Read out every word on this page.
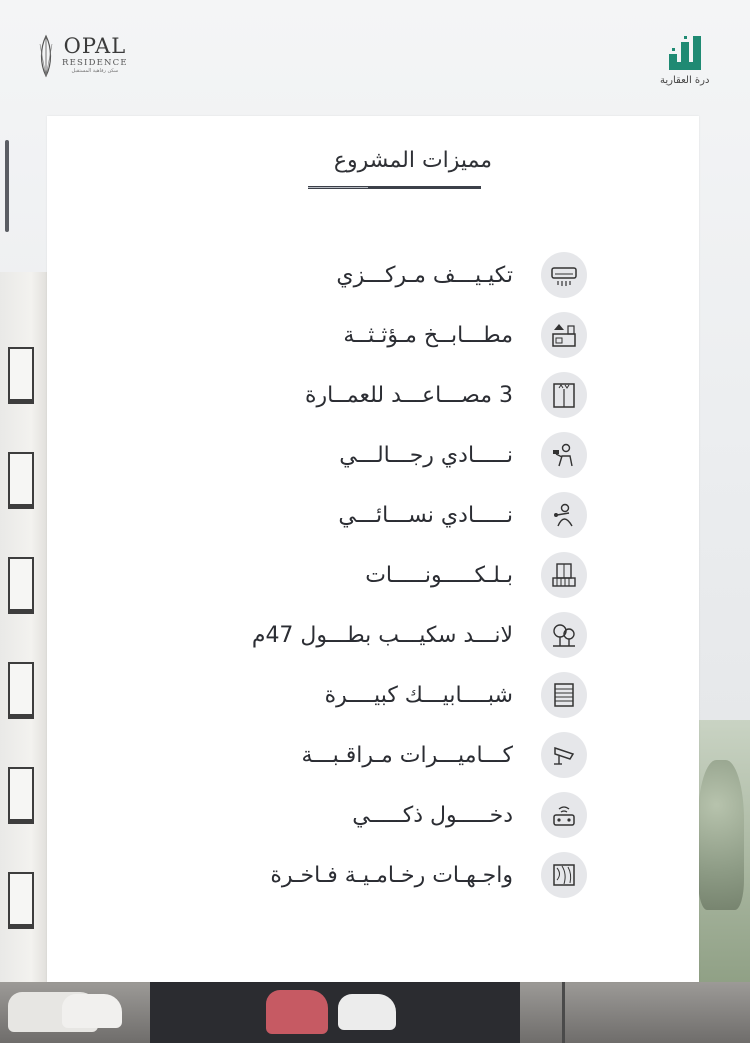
OPAL
RESIDENCE
سكن رفاهية المستقبل
درة العقارية
مميزات المشروع
تكيـيـــف مـركـــزي
مطـــابــخ مـؤثـثــة
3 مصـــاعـــد للعمــارة
نـــــادي رجـــالـــي
نـــــادي نســـائـــي
بـلـكـــــونـــــات
لانـــد سكيـــب بطـــول 47م
شبــــابيـــك كبيــــرة
كـــاميـــرات مـراقـبـــة
دخـــــول ذكـــــي
واجـهـات رخـامـيـة فـاخـرة
